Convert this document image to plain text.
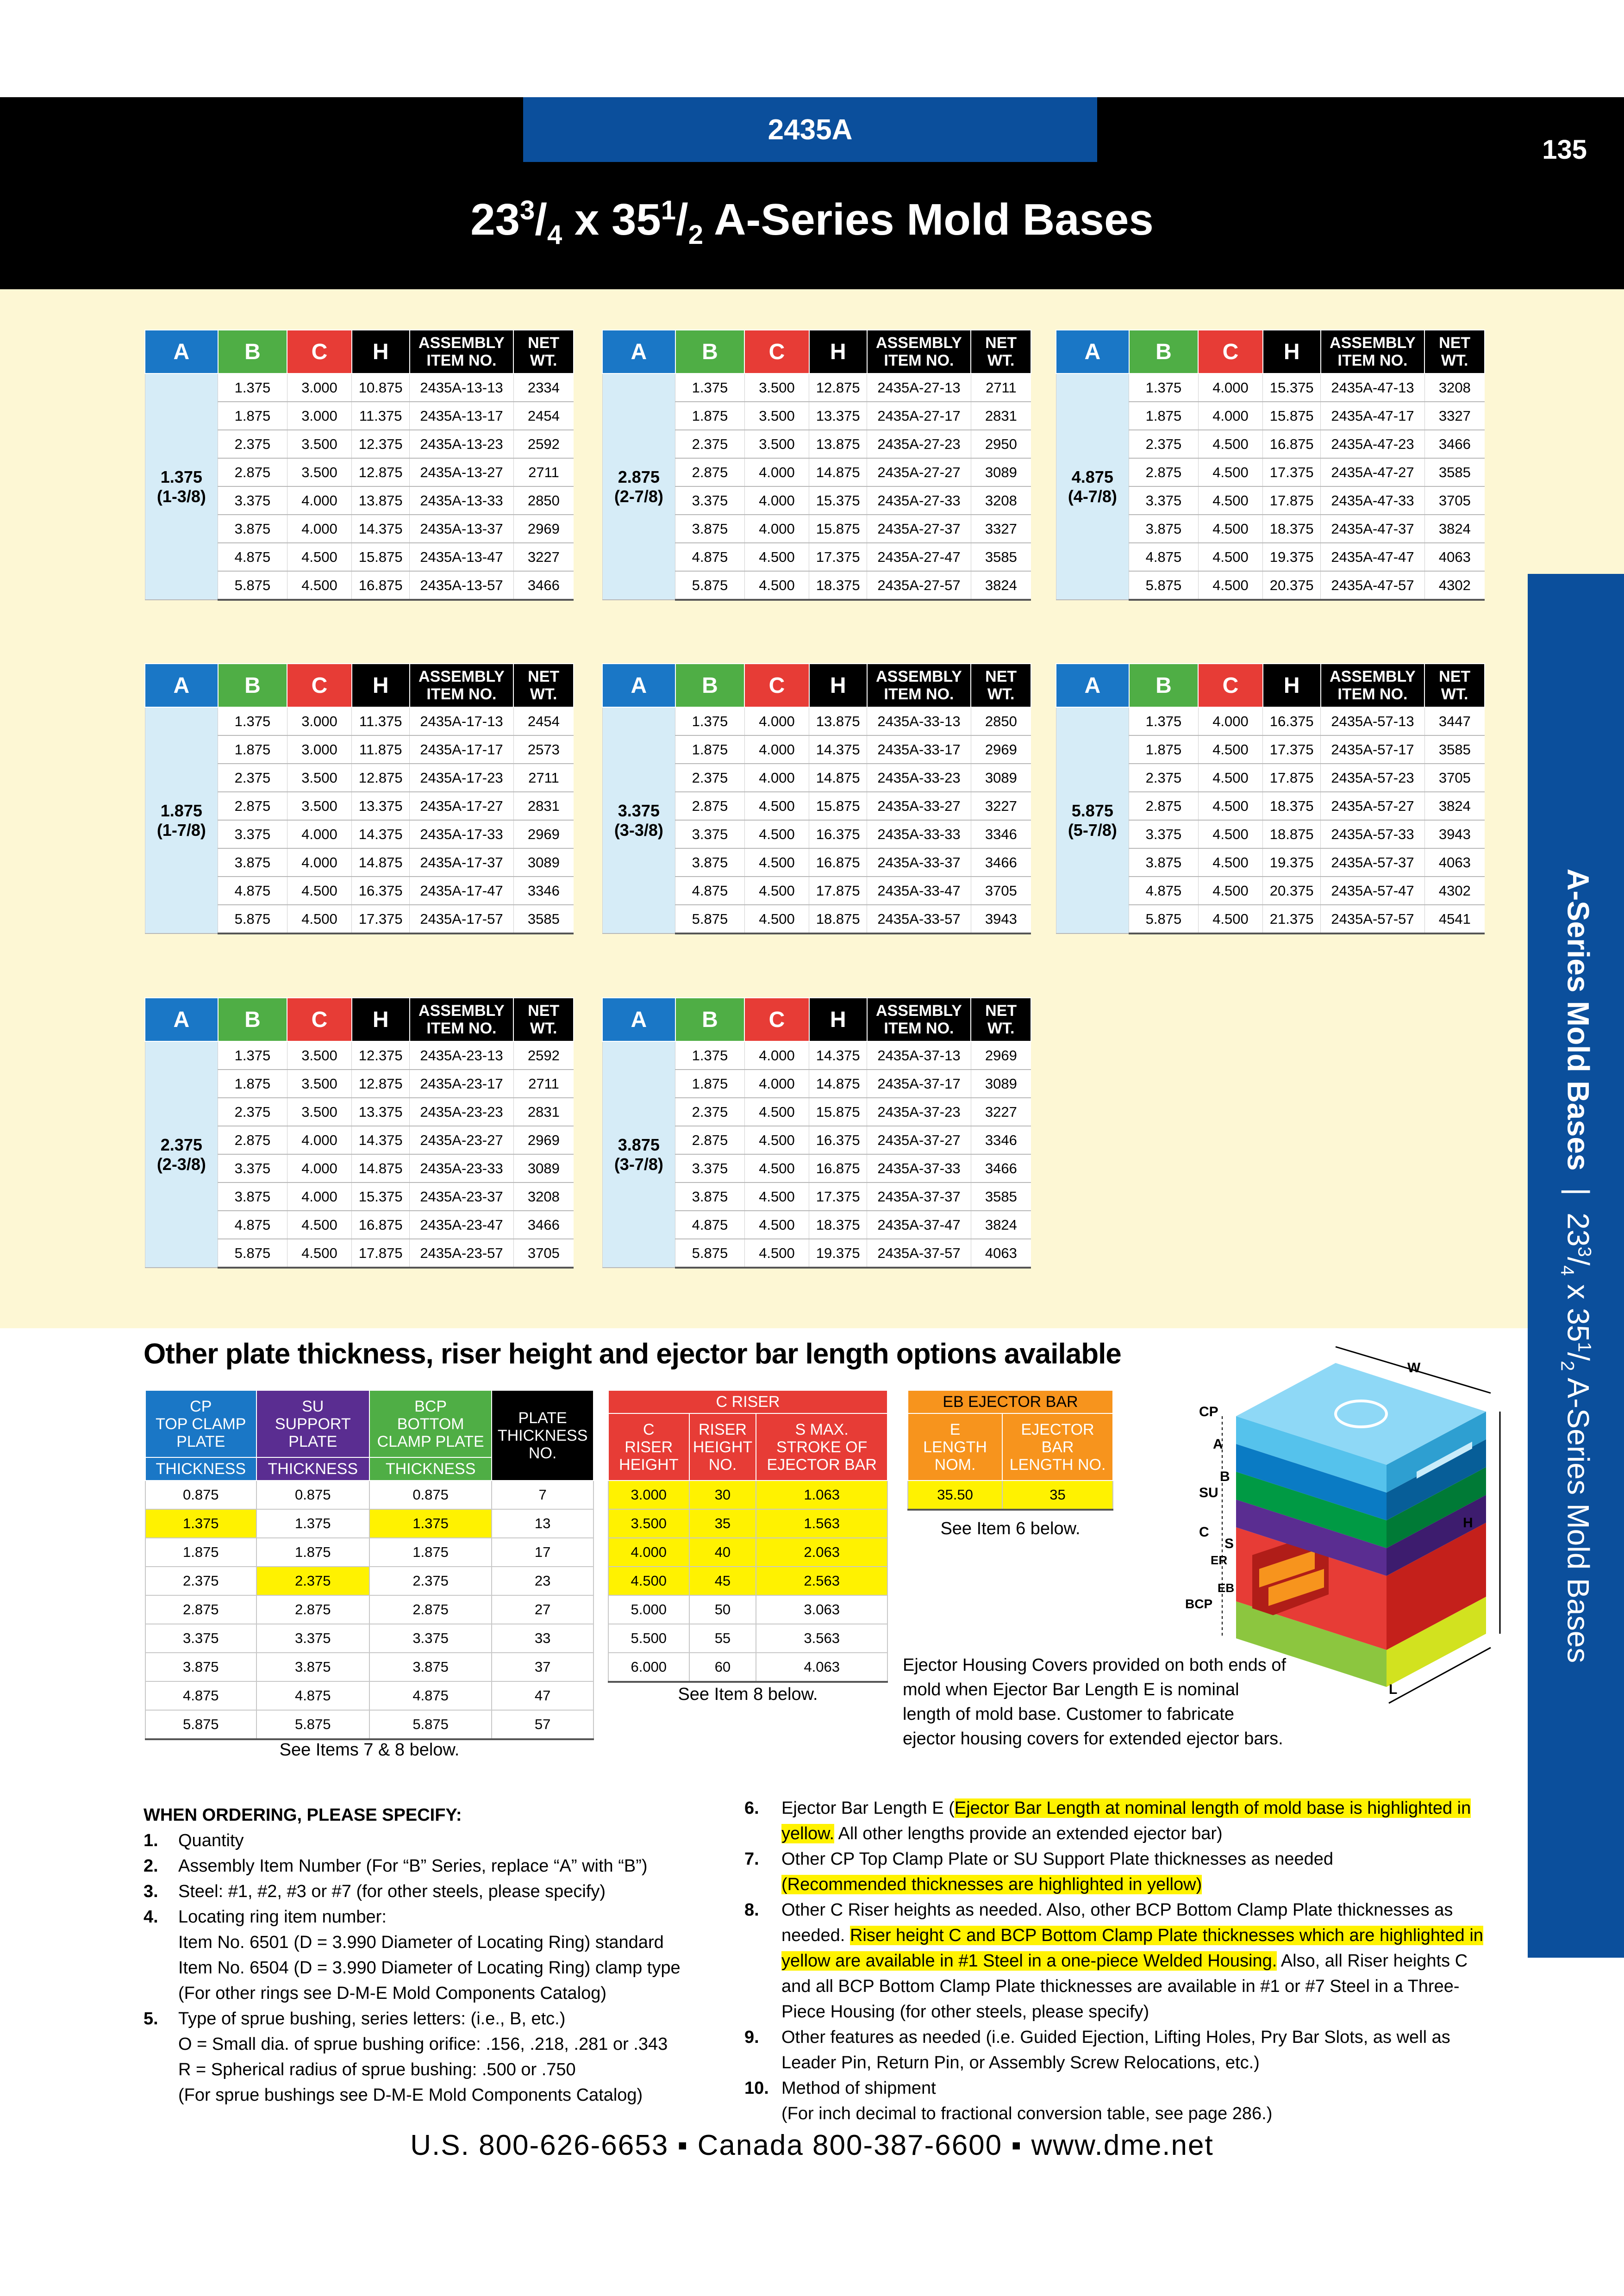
2435A
135
$23^3/_4$ x $35^1/_2$ A-Series Mold Bases
A-Series Mold Bases  |  $23^3/_4$ x $35^1/_2$ A-Series Mold Bases
A	B	C	H	ASSEMBLY
ITEM NO.	NET
WT.
1.375
(1-3/8)	1.375	3.000	10.875	2435A-13-13	2334
	1.875	3.000	11.375	2435A-13-17	2454
	2.375	3.500	12.375	2435A-13-23	2592
	2.875	3.500	12.875	2435A-13-27	2711
	3.375	4.000	13.875	2435A-13-33	2850
	3.875	4.000	14.375	2435A-13-37	2969
	4.875	4.500	15.875	2435A-13-47	3227
	5.875	4.500	16.875	2435A-13-57	3466
A	B	C	H	ASSEMBLY
ITEM NO.	NET
WT.
2.875
(2-7/8)	1.375	3.500	12.875	2435A-27-13	2711
	1.875	3.500	13.375	2435A-27-17	2831
	2.375	3.500	13.875	2435A-27-23	2950
	2.875	4.000	14.875	2435A-27-27	3089
	3.375	4.000	15.375	2435A-27-33	3208
	3.875	4.000	15.875	2435A-27-37	3327
	4.875	4.500	17.375	2435A-27-47	3585
	5.875	4.500	18.375	2435A-27-57	3824
A	B	C	H	ASSEMBLY
ITEM NO.	NET
WT.
4.875
(4-7/8)	1.375	4.000	15.375	2435A-47-13	3208
	1.875	4.000	15.875	2435A-47-17	3327
	2.375	4.500	16.875	2435A-47-23	3466
	2.875	4.500	17.375	2435A-47-27	3585
	3.375	4.500	17.875	2435A-47-33	3705
	3.875	4.500	18.375	2435A-47-37	3824
	4.875	4.500	19.375	2435A-47-47	4063
	5.875	4.500	20.375	2435A-47-57	4302
A	B	C	H	ASSEMBLY
ITEM NO.	NET
WT.
1.875
(1-7/8)	1.375	3.000	11.375	2435A-17-13	2454
	1.875	3.000	11.875	2435A-17-17	2573
	2.375	3.500	12.875	2435A-17-23	2711
	2.875	3.500	13.375	2435A-17-27	2831
	3.375	4.000	14.375	2435A-17-33	2969
	3.875	4.000	14.875	2435A-17-37	3089
	4.875	4.500	16.375	2435A-17-47	3346
	5.875	4.500	17.375	2435A-17-57	3585
A	B	C	H	ASSEMBLY
ITEM NO.	NET
WT.
3.375
(3-3/8)	1.375	4.000	13.875	2435A-33-13	2850
	1.875	4.000	14.375	2435A-33-17	2969
	2.375	4.000	14.875	2435A-33-23	3089
	2.875	4.500	15.875	2435A-33-27	3227
	3.375	4.500	16.375	2435A-33-33	3346
	3.875	4.500	16.875	2435A-33-37	3466
	4.875	4.500	17.875	2435A-33-47	3705
	5.875	4.500	18.875	2435A-33-57	3943
A	B	C	H	ASSEMBLY
ITEM NO.	NET
WT.
5.875
(5-7/8)	1.375	4.000	16.375	2435A-57-13	3447
	1.875	4.500	17.375	2435A-57-17	3585
	2.375	4.500	17.875	2435A-57-23	3705
	2.875	4.500	18.375	2435A-57-27	3824
	3.375	4.500	18.875	2435A-57-33	3943
	3.875	4.500	19.375	2435A-57-37	4063
	4.875	4.500	20.375	2435A-57-47	4302
	5.875	4.500	21.375	2435A-57-57	4541
A	B	C	H	ASSEMBLY
ITEM NO.	NET
WT.
2.375
(2-3/8)	1.375	3.500	12.375	2435A-23-13	2592
	1.875	3.500	12.875	2435A-23-17	2711
	2.375	3.500	13.375	2435A-23-23	2831
	2.875	4.000	14.375	2435A-23-27	2969
	3.375	4.000	14.875	2435A-23-33	3089
	3.875	4.000	15.375	2435A-23-37	3208
	4.875	4.500	16.875	2435A-23-47	3466
	5.875	4.500	17.875	2435A-23-57	3705
A	B	C	H	ASSEMBLY
ITEM NO.	NET
WT.
3.875
(3-7/8)	1.375	4.000	14.375	2435A-37-13	2969
	1.875	4.000	14.875	2435A-37-17	3089
	2.375	4.500	15.875	2435A-37-23	3227
	2.875	4.500	16.375	2435A-37-27	3346
	3.375	4.500	16.875	2435A-37-33	3466
	3.875	4.500	17.375	2435A-37-37	3585
	4.875	4.500	18.375	2435A-37-47	3824
	5.875	4.500	19.375	2435A-37-57	4063
Other plate thickness, riser height and ejector bar length options available
CP
TOP CLAMP
PLATE	SU
SUPPORT
PLATE	BCP
BOTTOM
CLAMP PLATE	PLATE
THICKNESS
NO.
THICKNESS	THICKNESS	THICKNESS	
0.875	0.875	0.875	7
1.375	1.375	1.375	13
1.875	1.875	1.875	17
2.375	2.375	2.375	23
2.875	2.875	2.875	27
3.375	3.375	3.375	33
3.875	3.875	3.875	37
4.875	4.875	4.875	47
5.875	5.875	5.875	57
See Items 7 & 8 below.
C RISER		
C
RISER
HEIGHT	RISER
HEIGHT
NO.	S MAX.
STROKE OF
EJECTOR BAR
3.000	30	1.063
3.500	35	1.563
4.000	40	2.063
4.500	45	2.563
5.000	50	3.063
5.500	55	3.563
6.000	60	4.063
See Item 8 below.
EB EJECTOR BAR	
E
LENGTH
NOM.	EJECTOR
BAR
LENGTH NO.
35.50	35
See Item 6 below.
Ejector Housing Covers provided on both ends of mold when Ejector Bar Length E is nominal length of mold base. Customer to fabricate ejector housing covers for extended ejector bars.
W
CP
A
B
SU
C
S
ER
EB
BCP
H
L
WHEN ORDERING, PLEASE SPECIFY:
1.	Quantity
2.	Assembly Item Number (For “B” Series, replace “A” with “B”)
3.	Steel: #1, #2, #3 or #7 (for other steels, please specify)
4.	Locating ring item number:
Item No. 6501 (D = 3.990 Diameter of Locating Ring) standard
Item No. 6504 (D = 3.990 Diameter of Locating Ring) clamp type
(For other rings see D-M-E Mold Components Catalog)
5.	Type of sprue bushing, series letters: (i.e., B, etc.)
O = Small dia. of sprue bushing orifice: .156, .218, .281 or .343
R = Spherical radius of sprue bushing: .500 or .750
(For sprue bushings see D-M-E Mold Components Catalog)
6.	Ejector Bar Length E (Ejector Bar Length at nominal length of mold base is highlighted in yellow. All other lengths provide an extended ejector bar)
7.	Other CP Top Clamp Plate or SU Support Plate thicknesses as needed
(Recommended thicknesses are highlighted in yellow)
8.	Other C Riser heights as needed. Also, other BCP Bottom Clamp Plate thicknesses as needed. Riser height C and BCP Bottom Clamp Plate thicknesses which are highlighted in yellow are available in #1 Steel in a one-piece Welded Housing. Also, all Riser heights C and all BCP Bottom Clamp Plate thicknesses are available in #1 or #7 Steel in a Three-Piece Housing (for other steels, please specify)
9.	Other features as needed (i.e. Guided Ejection, Lifting Holes, Pry Bar Slots, as well as Leader Pin, Return Pin, or Assembly Screw Relocations, etc.)
10. Method of shipment
(For inch decimal to fractional conversion table, see page 286.)
U.S. 800-626-6653 ▪ Canada 800-387-6600 ▪ www.dme.net
